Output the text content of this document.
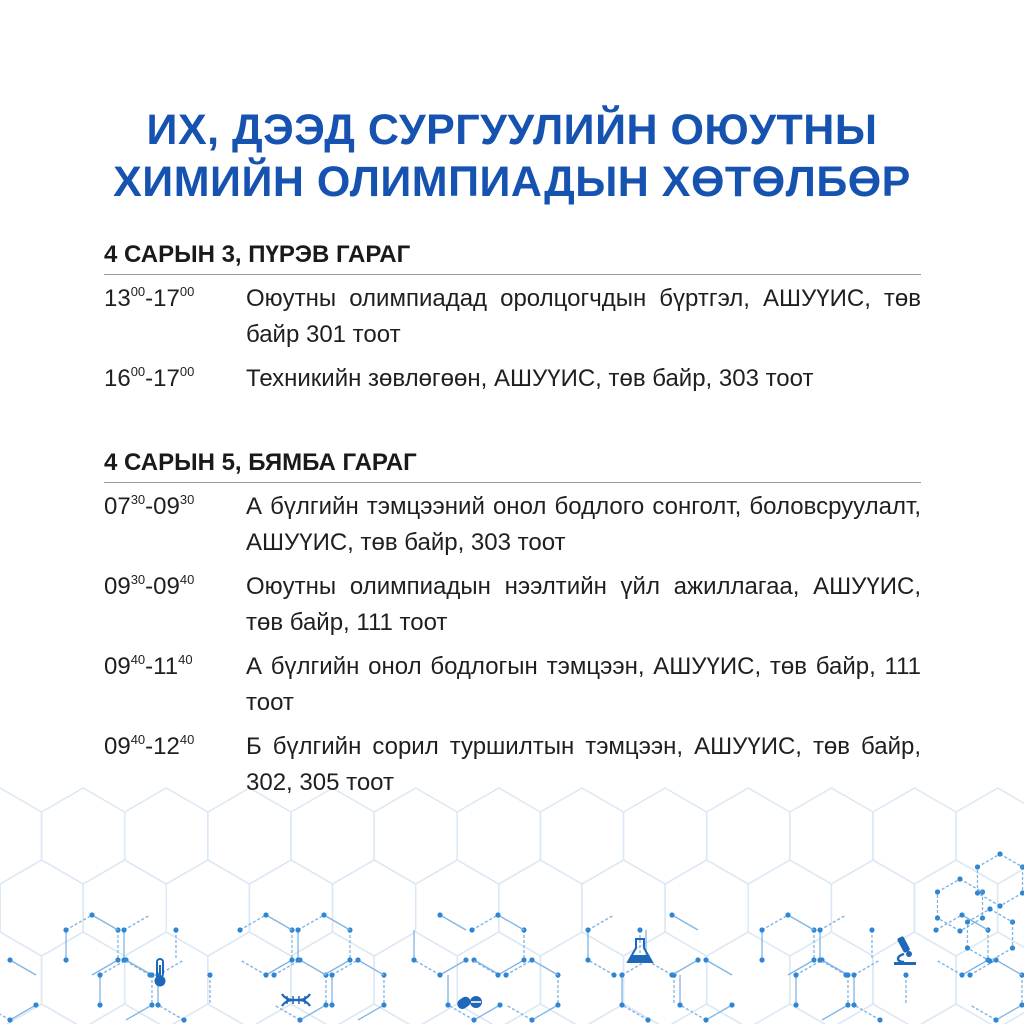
ИХ, ДЭЭД СУРГУУЛИЙН ОЮУТНЫ
ХИМИЙН ОЛИМПИАДЫН ХӨТӨЛБӨР
4 САРЫН 3, ПҮРЭВ ГАРАГ
$13^{00}-17^{00}$	Оюутны олимпиадад оролцогчдын бүртгэл, АШУҮИС, төв байр 301 тоот
$16^{00}-17^{00}$	Техникийн зөвлөгөөн, АШУҮИС, төв байр, 303 тоот
4 САРЫН 5, БЯМБА ГАРАГ
$07^{30}-09^{30}$	А бүлгийн тэмцээний онол бодлого сонголт, боловсруулалт, АШУҮИС, төв байр, 303 тоот
$09^{30}-09^{40}$	Оюутны олимпиадын нээлтийн үйл ажиллагаа, АШУҮИС, төв байр, 111 тоот
$09^{40}-11^{40}$	А бүлгийн онол бодлогын тэмцээн, АШУҮИС, төв байр, 111 тоот
$09^{40}-12^{40}$	Б бүлгийн сорил туршилтын тэмцээн, АШУҮИС, төв байр, 302, 305 тоот
